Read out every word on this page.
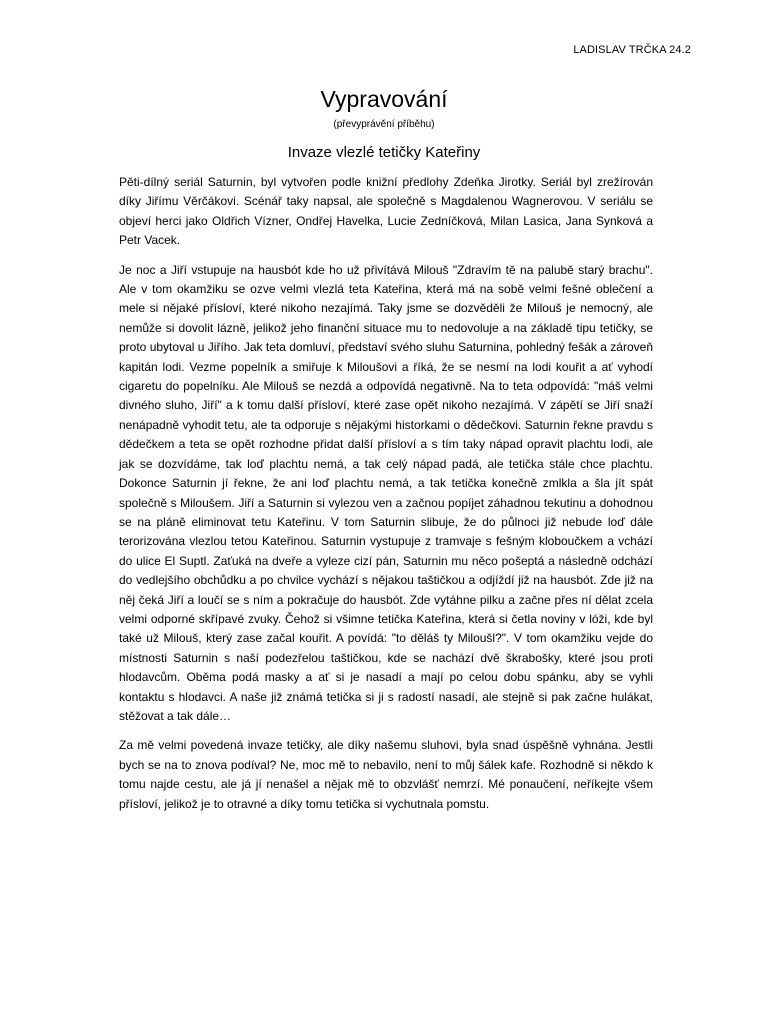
LADISLAV TRČKA 24.2
Vypravování
(převyprávění příběhu)
Invaze vlezlé tetičky Kateřiny

Pěti-dílný seriál Saturnin, byl vytvořen podle knižní předlohy Zdeňka Jirotky. Seriál byl zrežírován díky Jiřímu Věrčákovi. Scénář taky napsal, ale společně s Magdalenou Wagnerovou. V seriálu se objeví herci jako Oldřich Vízner, Ondřej Havelka, Lucie Zedníčková, Milan Lasica, Jana Synková a Petr Vacek.

Je noc a Jiří vstupuje na hausbót kde ho už přivítává Milouš "Zdravím tě na palubě starý brachu". Ale v tom okamžiku se ozve velmi vlezlá teta Kateřina, která má na sobě velmi fešné oblečení a mele si nějaké přísloví, které nikoho nezajímá. Taky jsme se dozvěděli že Milouš je nemocný, ale nemůže si dovolit lázně, jelikož jeho finanční situace mu to nedovoluje a na základě tipu tetičky, se proto ubytoval u Jiřího. Jak teta domluví, představí svého sluhu Saturnina, pohledný fešák a zároveň kapitán lodi. Vezme popelník a smiřuje k Miloušovi a říká, že se nesmí na lodi kouřit a ať vyhodí cigaretu do popelníku. Ale Milouš se nezdá a odpovídá negativně. Na to teta odpovídá: "máš velmi divného sluho, Jiří" a k tomu další přísloví, které zase opět nikoho nezajímá. V zápětí se Jiří snaží nenápadně vyhodit tetu, ale ta odporuje s nějakými historkami o dědečkovi. Saturnin řekne pravdu s dědečkem a teta se opět rozhodne přidat další přísloví a s tím taky nápad opravit plachtu lodi, ale jak se dozvídáme, tak loď plachtu nemá, a tak celý nápad padá, ale tetička stále chce plachtu. Dokonce Saturnin jí řekne, že ani loď plachtu nemá, a tak tetička konečně zmlkla a šla jít spát společně s Miloušem. Jiří a Saturnin si vylezou ven a začnou popíjet záhadnou tekutinu a dohodnou se na pláně eliminovat tetu Kateřinu. V tom Saturnin slibuje, že do půlnoci již nebude loď dále terorizována vlezlou tetou Kateřinou. Saturnin vystupuje z tramvaje s fešným kloboučkem a vchází do ulice El Suptl. Zaťuká na dveře a vyleze cizí pán, Saturnin mu něco pošeptá a následně odchází do vedlejšího obchůdku a po chvilce vychází s nějakou taštičkou a odjíždí již na hausbót. Zde již na něj čeká Jiří a loučí se s ním a pokračuje do hausbót. Zde vytáhne pilku a začne přes ní dělat zcela velmi odporné skřípavé zvuky. Čehož si všimne tetička Kateřina, která si četla noviny v lóži, kde byl také už Milouš, který zase začal kouřit. A povídá: "to děláš ty Miloušl?". V tom okamžiku vejde do místnosti Saturnin s naší podezřelou taštičkou, kde se nachází dvě škrabošky, které jsou proti hlodavcům. Oběma podá masky a ať si je nasadí a mají po celou dobu spánku, aby se vyhli kontaktu s hlodavci. A naše již známá tetička si ji s radostí nasadí, ale stejně si pak začne hulákat, stěžovat a tak dále…

Za mě velmi povedená invaze tetičky, ale díky našemu sluhovi, byla snad úspěšně vyhnána. Jestli bych se na to znova podíval? Ne, moc mě to nebavilo, není to můj šálek kafe. Rozhodně si někdo k tomu najde cestu, ale já jí nenašel a nějak mě to obzvlášť nemrzí. Mé ponaučení, neříkejte všem přísloví, jelikož je to otravné a díky tomu tetička si vychutnala pomstu.
